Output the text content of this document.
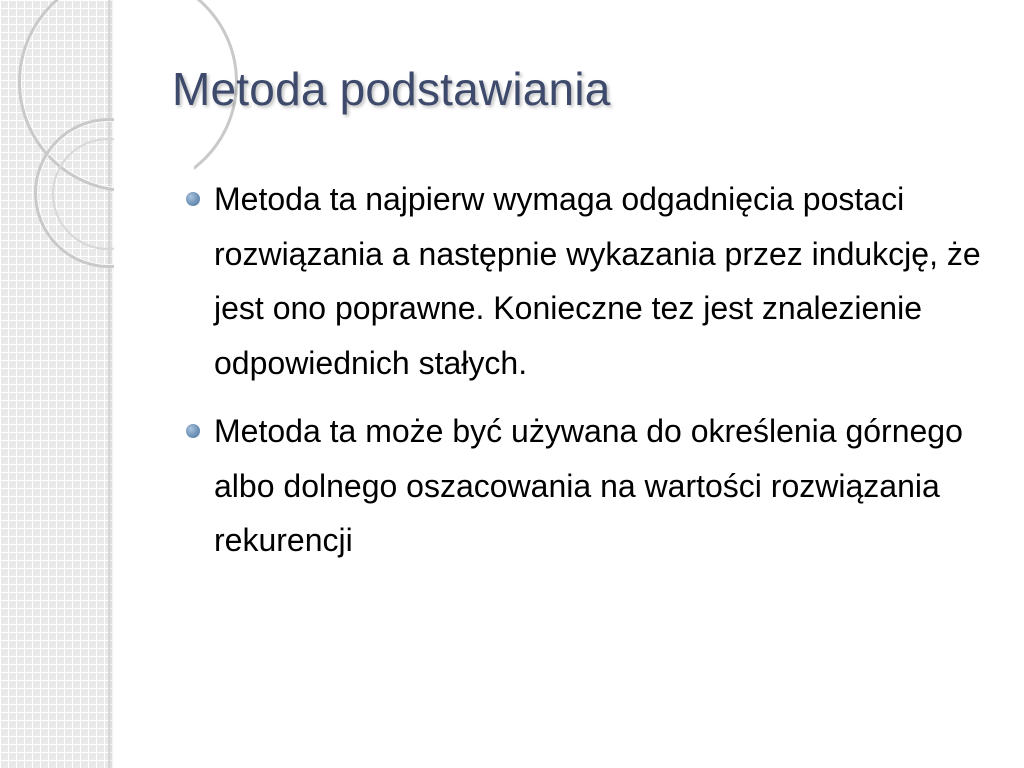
Metoda podstawiania
Metoda ta najpierw wymaga odgadnięcia postaci rozwiązania a następnie wykazania przez indukcję, że jest ono poprawne. Konieczne tez jest znalezienie odpowiednich stałych.
Metoda ta może być używana do określenia górnego albo dolnego oszacowania na wartości rozwiązania rekurencji
